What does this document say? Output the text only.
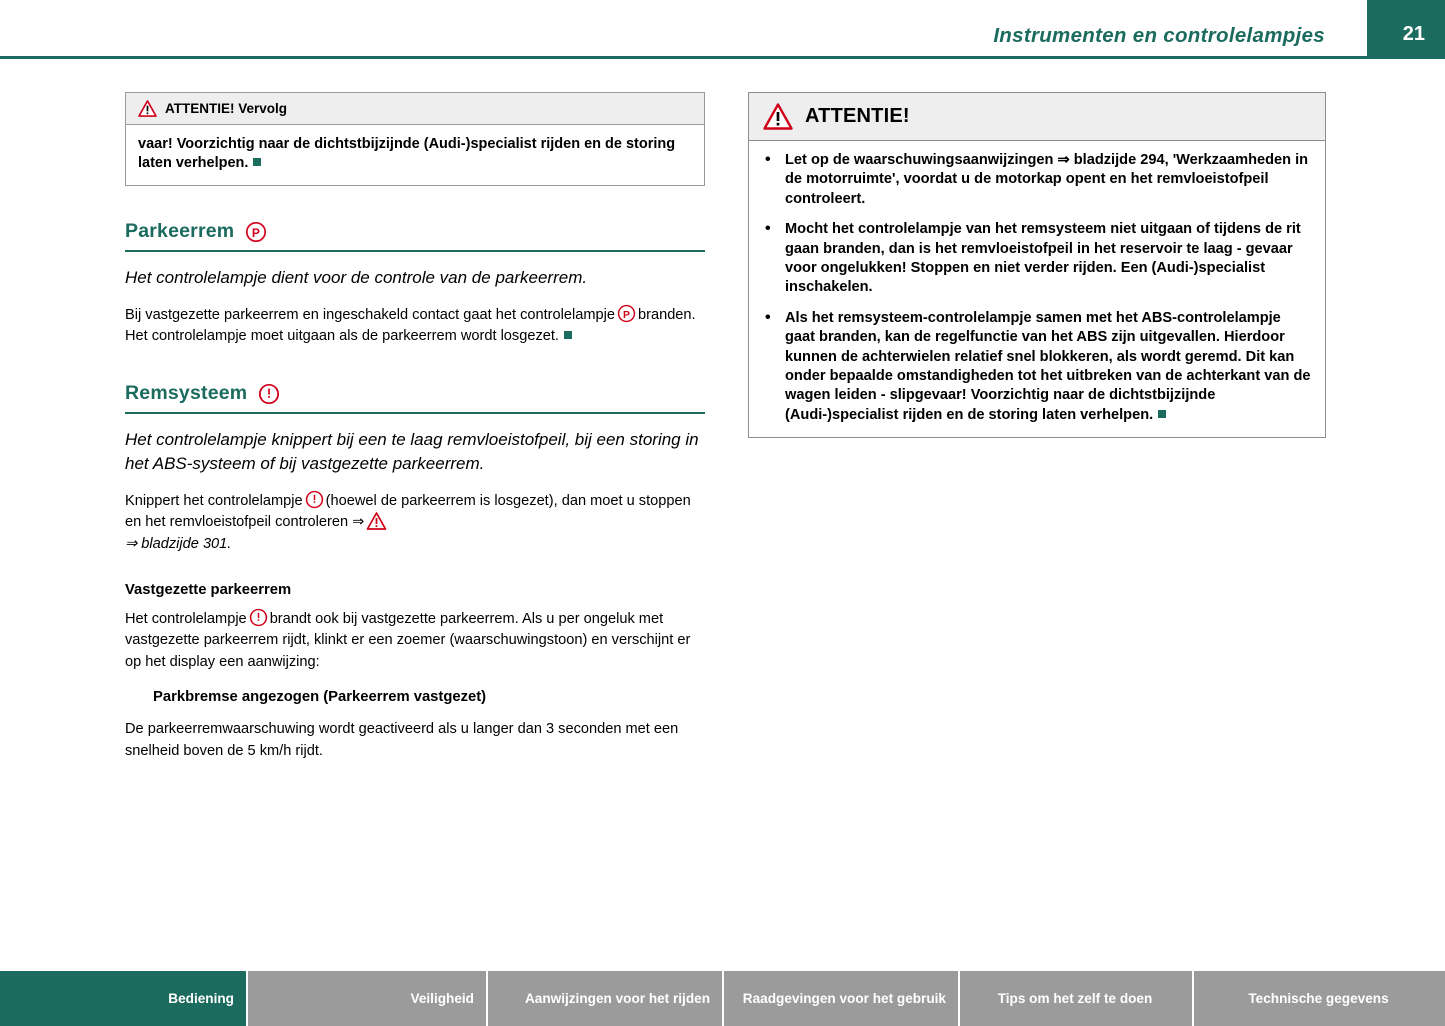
Instrumenten en controlelampjes	21
ATTENTIE! Vervolg
vaar! Voorzichtig naar de dichtstbijzijnde (Audi-)specialist rijden en de storing laten verhelpen.
Parkeerrem P
Het controlelampje dient voor de controle van de parkeerrem.
Bij vastgezette parkeerrem en ingeschakeld contact gaat het controlelampje P branden. Het controlelampje moet uitgaan als de parkeerrem wordt losgezet.
Remsysteem
Het controlelampje knippert bij een te laag remvloeistofpeil, bij een storing in het ABS-systeem of bij vastgezette parkeerrem.
Knippert het controlelampje (hoewel de parkeerrem is losgezet), dan moet u stoppen en het remvloeistofpeil controleren ⇒
⇒ bladzijde 301.
Vastgezette parkeerrem
Het controlelampje brandt ook bij vastgezette parkeerrem. Als u per ongeluk met vastgezette parkeerrem rijdt, klinkt er een zoemer (waarschuwingstoon) en verschijnt er op het display een aanwijzing:
Parkbremse angezogen (Parkeerrem vastgezet)
De parkeerremwaarschuwing wordt geactiveerd als u langer dan 3 seconden met een snelheid boven de 5 km/h rijdt.
ATTENTIE!
• Let op de waarschuwingsaanwijzingen ⇒ bladzijde 294, 'Werkzaamheden in de motorruimte', voordat u de motorkap opent en het remvloeistofpeil controleert.
• Mocht het controlelampje van het remsysteem niet uitgaan of tijdens de rit gaan branden, dan is het remvloeistofpeil in het reservoir te laag - gevaar voor ongelukken! Stoppen en niet verder rijden. Een (Audi-)specialist inschakelen.
• Als het remsysteem-controlelampje samen met het ABS-controlelampje gaat branden, kan de regelfunctie van het ABS zijn uitgevallen. Hierdoor kunnen de achterwielen relatief snel blokkeren, als wordt geremd. Dit kan onder bepaalde omstandigheden tot het uitbreken van de achterkant van de wagen leiden - slipgevaar! Voorzichtig naar de dichtstbijzijnde (Audi-)specialist rijden en de storing laten verhelpen.
Bediening	Veiligheid	Aanwijzingen voor het rijden Raadgevingen voor het gebruik	Tips om het zelf te doen	Technische gegevens
